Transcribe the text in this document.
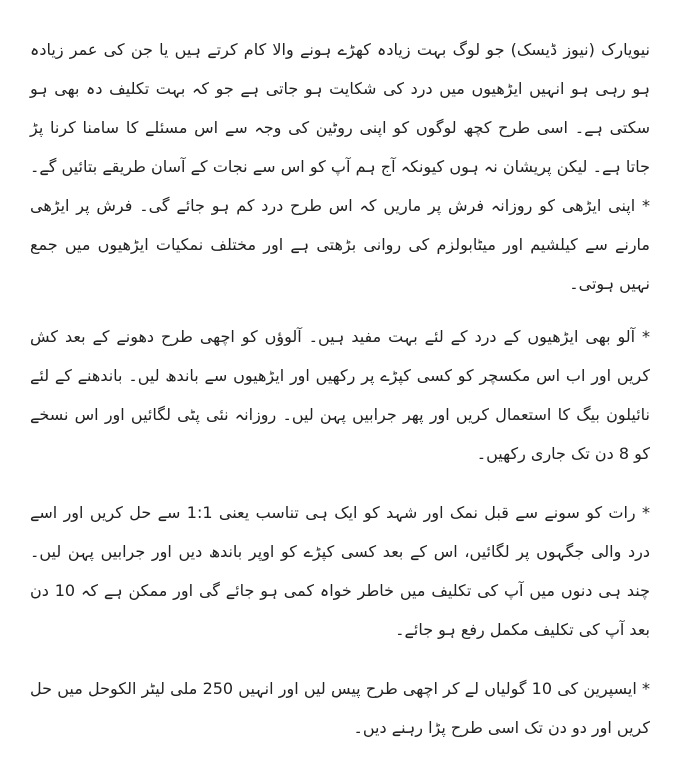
نیویارک (نیوز ڈیسک) جو لوگ بہت زیادہ کھڑے ہونے والا کام کرتے ہیں یا جن کی عمر زیادہ ہو رہی ہو انہیں ایڑھیوں میں درد کی شکایت ہو جاتی ہے جو کہ بہت تکلیف دہ بھی ہو سکتی ہے۔ اسی طرح کچھ لوگوں کو اپنی روٹین کی وجہ سے اس مسئلے کا سامنا کرنا پڑ جاتا ہے۔ لیکن پریشان نہ ہوں کیونکہ آج ہم آپ کو اس سے نجات کے آسان طریقے بتائیں گے۔ * اپنی ایڑھی کو روزانہ فرش پر ماریں کہ اس طرح درد کم ہو جائے گی۔ فرش پر ایڑھی مارنے سے کیلشیم اور میٹابولزم کی روانی بڑھتی ہے اور مختلف نمکیات ایڑھیوں میں جمع نہیں ہوتی۔

* آلو بھی ایڑھیوں کے درد کے لئے بہت مفید ہیں۔ آلوؤں کو اچھی طرح دھونے کے بعد کش کریں اور اب اس مکسچر کو کسی کپڑے پر رکھیں اور ایڑھیوں سے باندھ لیں۔ باندھنے کے لئے نائیلون بیگ کا استعمال کریں اور پھر جرابیں پہن لیں۔ روزانہ نئی پٹی لگائیں اور اس نسخے کو 8 دن تک جاری رکھیں۔

* رات کو سونے سے قبل نمک اور شہد کو ایک ہی تناسب یعنی 1:1 سے حل کریں اور اسے درد والی جگہوں پر لگائیں، اس کے بعد کسی کپڑے کو اوپر باندھ دیں اور جرابیں پہن لیں۔ چند ہی دنوں میں آپ کی تکلیف میں خاطر خواہ کمی ہو جائے گی اور ممکن ہے کہ 10 دن بعد آپ کی تکلیف مکمل رفع ہو جائے۔

* ایسپرین کی 10 گولیاں لے کر اچھی طرح پیس لیں اور انہیں 250 ملی لیٹر الکوحل میں حل کریں اور دو دن تک اسی طرح پڑا رہنے دیں۔
